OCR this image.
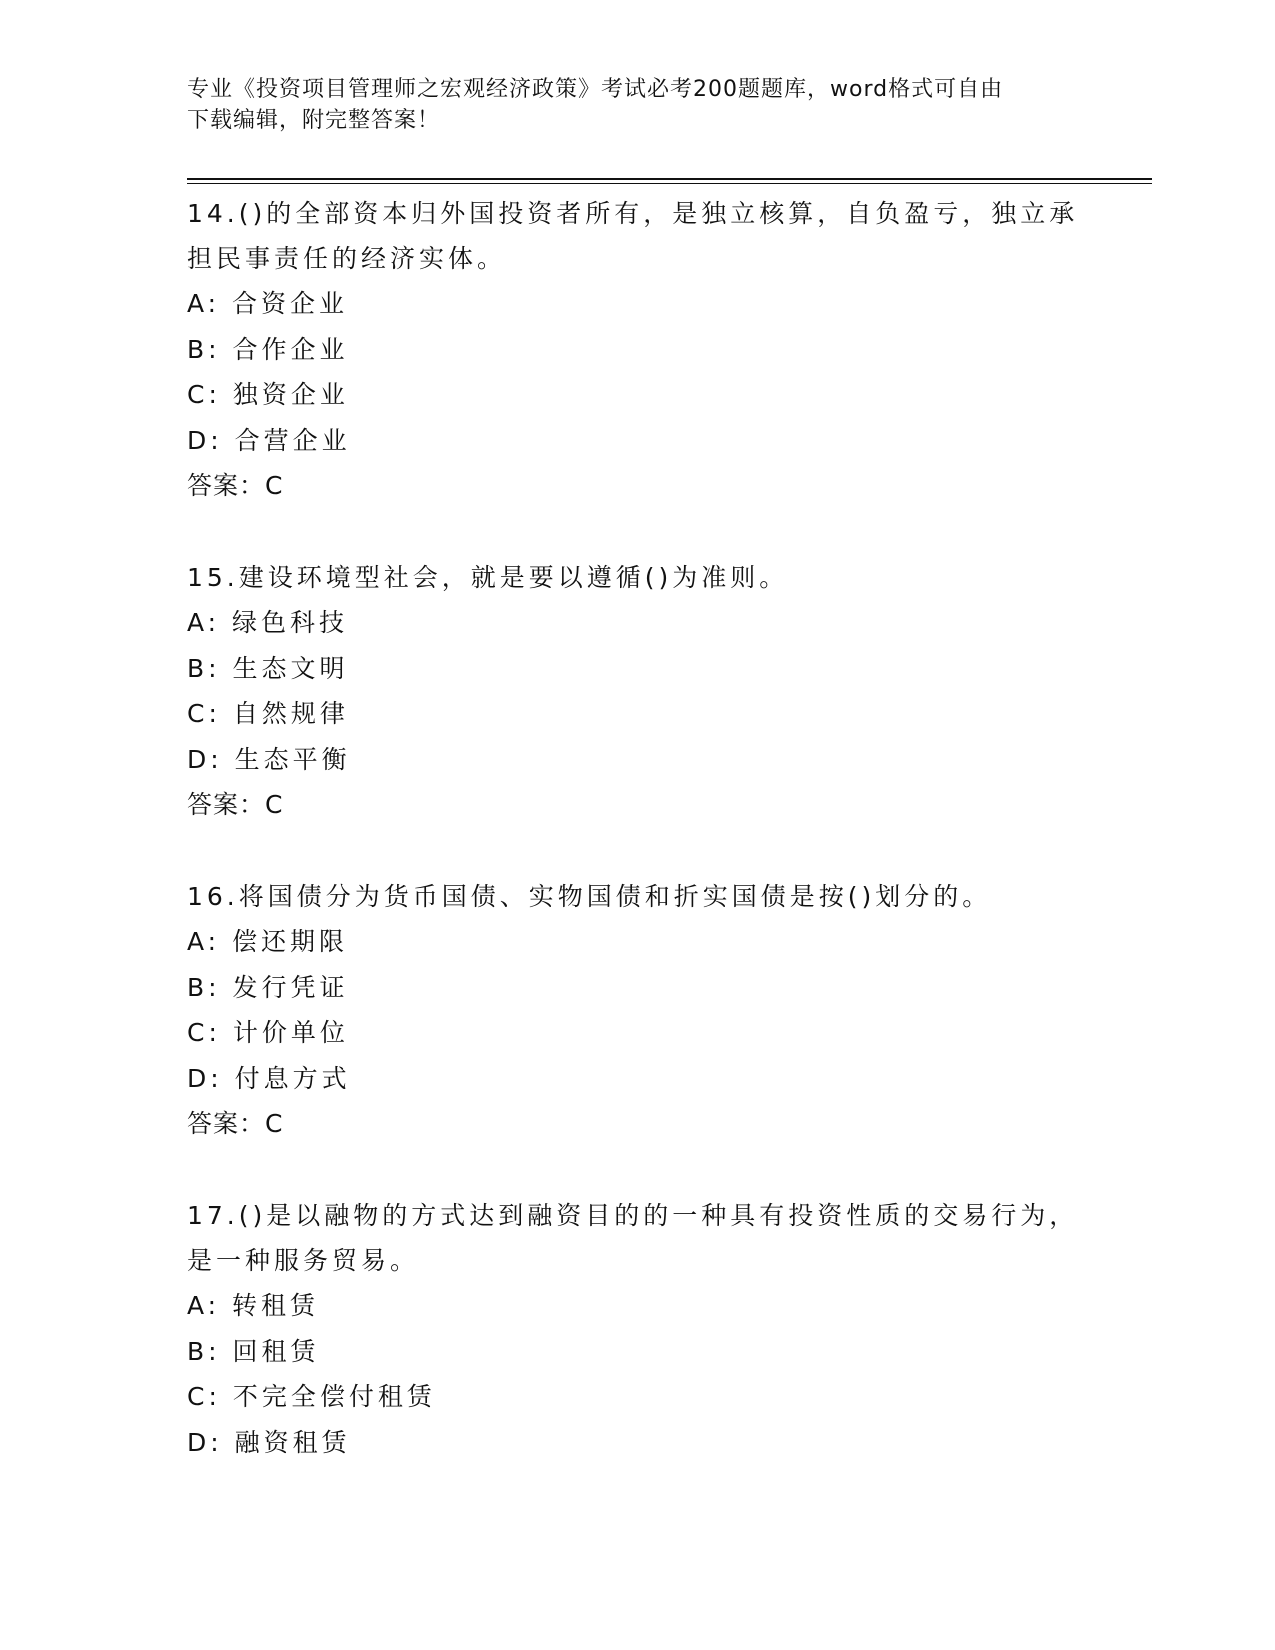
专业《投资项目管理师之宏观经济政策》考试必考200题题库，word格式可自由
下载编辑，附完整答案！

14.()的全部资本归外国投资者所有，是独立核算，自负盈亏，独立承

担民事责任的经济实体。

A: 合资企业

B: 合作企业

C: 独资企业

D: 合营企业

答案：C

15.建设环境型社会，就是要以遵循()为准则。

A: 绿色科技

B: 生态文明

C: 自然规律

D: 生态平衡

答案：C

16.将国债分为货币国债、实物国债和折实国债是按()划分的。

A: 偿还期限

B: 发行凭证

C: 计价单位

D: 付息方式

答案：C

17.()是以融物的方式达到融资目的的一种具有投资性质的交易行为，

是一种服务贸易。

A: 转租赁

B: 回租赁

C: 不完全偿付租赁

D: 融资租赁
